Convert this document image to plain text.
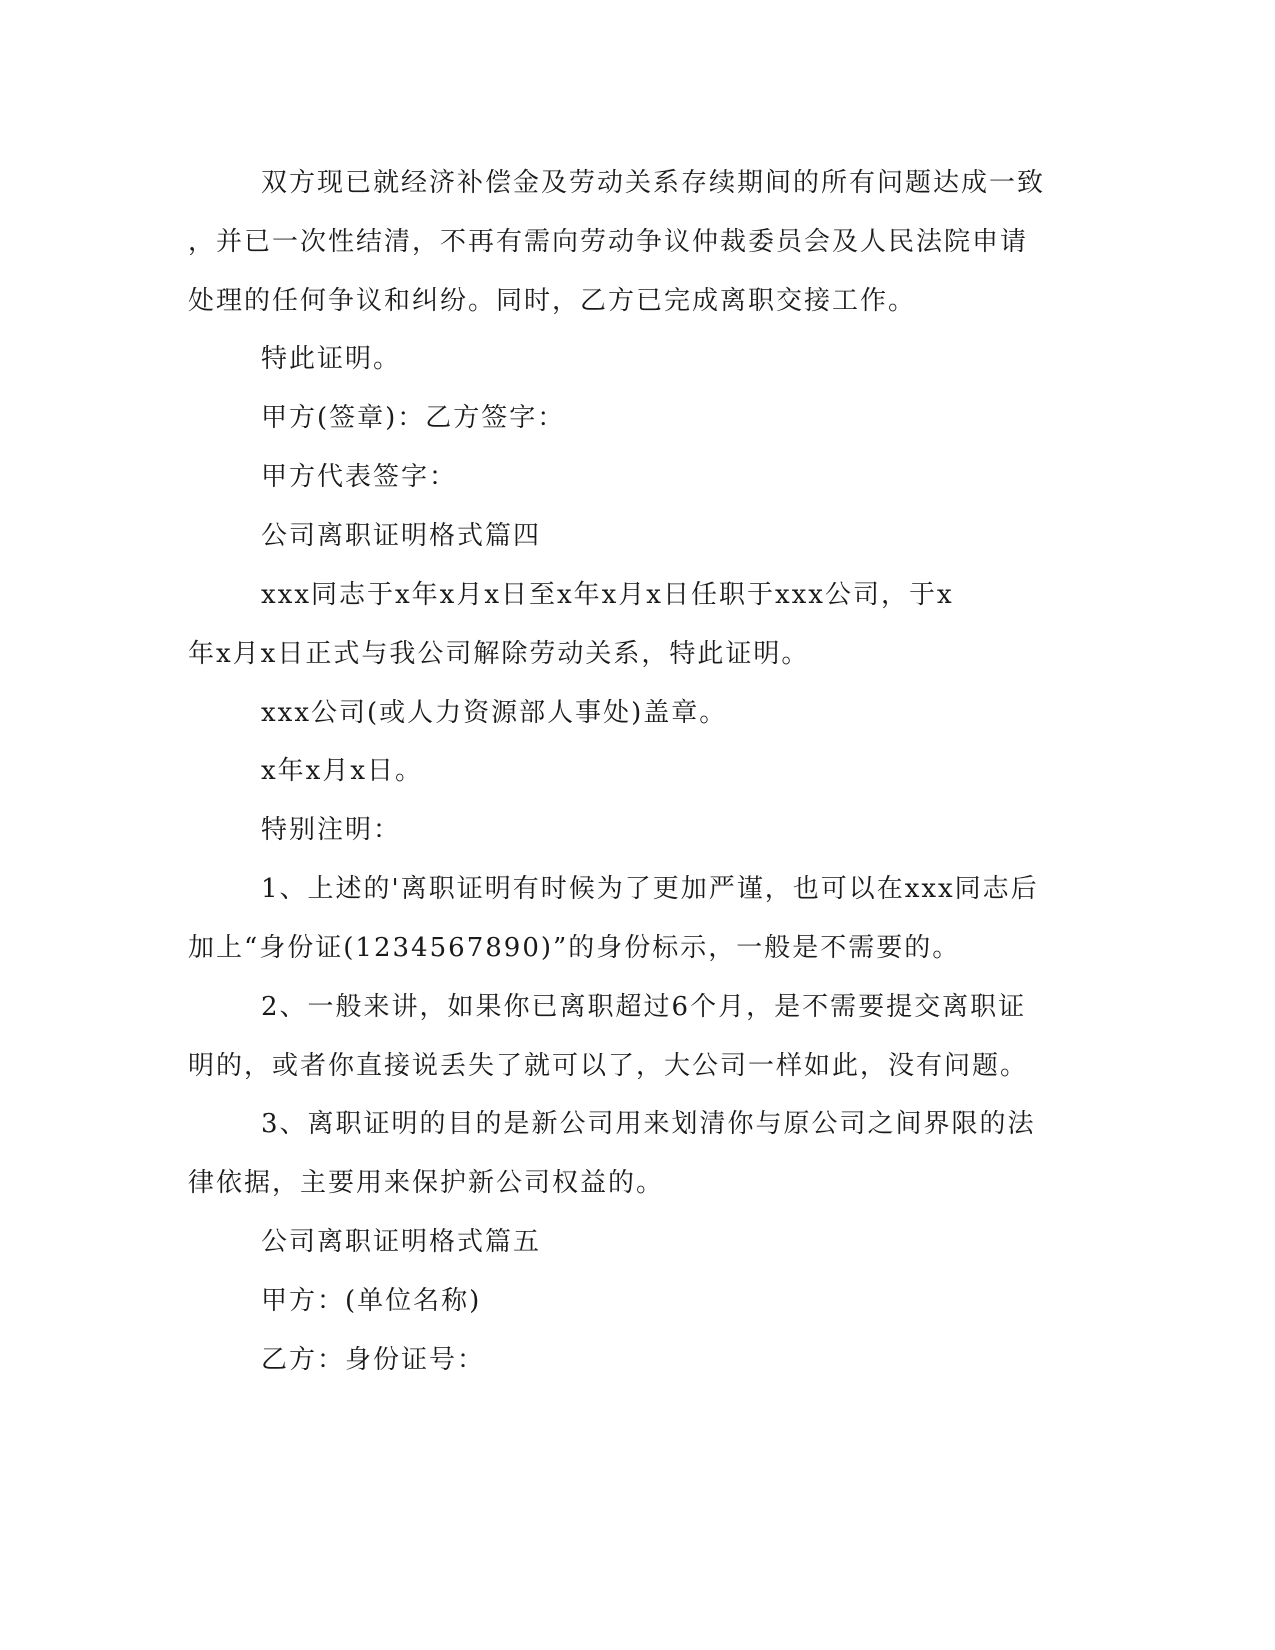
双方现已就经济补偿金及劳动关系存续期间的所有问题达成一致
，并已一次性结清，不再有需向劳动争议仲裁委员会及人民法院申请
处理的任何争议和纠纷。同时，乙方已完成离职交接工作。
特此证明。
甲方(签章)：乙方签字：
甲方代表签字：
公司离职证明格式篇四
xxx同志于x年x月x日至x年x月x日任职于xxx公司，于x
年x月x日正式与我公司解除劳动关系，特此证明。
xxx公司(或人力资源部人事处)盖章。
x年x月x日。
特别注明：
1、上述的'离职证明有时候为了更加严谨，也可以在xxx同志后
加上“身份证(1234567890)”的身份标示，一般是不需要的。
2、一般来讲，如果你已离职超过6个月，是不需要提交离职证
明的，或者你直接说丢失了就可以了，大公司一样如此，没有问题。
3、离职证明的目的是新公司用来划清你与原公司之间界限的法
律依据，主要用来保护新公司权益的。
公司离职证明格式篇五
甲方：(单位名称)
乙方：身份证号：
